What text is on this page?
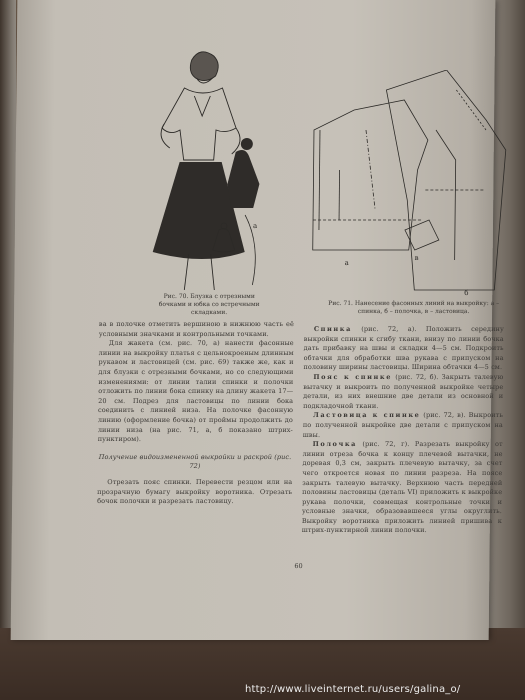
а
Рис. 70. Блузка с отрезными бочками и юбка со встречными складками.
а
б
в
Рис. 71. Нанесение фасонных линий на выкройку: а – спинка, б – полочка, в – ластовица.

ва в полочке отметить вершиною в нижнюю часть её условными значками и контрольными точками.

Для жакета (см. рис. 70, а) нанести фасонные линии на выкройку платья с цельнокроеным длинным рукавом и ластовицей (см. рис. 69) также же, как и для блузки с отрезными бочками, но со следующими изменениями: от линии талии спинки и полочки отложить по линии бока спинку на длину жакета 17—20 см. Подрез для ластовицы по линии бока соединить с линией низа. На полочке фасонную линию (оформление бочка) от проймы продолжить до линии низа (на рис. 71, а, б показано штрих-пунктиром).

Получение видоизмененной выкройки и раскрой (рис. 72)

Отрезать пояс спинки. Перевести резцом или на прозрачную бумагу выкройку воротника. Отрезать бочок полочки и разрезать ластовицу.

Спинка (рис. 72, а). Положить середину выкройки спинки к сгибу ткани, внизу по линии бочка дать прибавку на швы и складки 4—5 см. Подкроить обтачки для обработки шва рукава с припуском на половину ширины ластовицы. Ширина обтачки 4—5 см.

Пояс к спинке (рис. 72, б). Закрыть талевую вытачку и выкроить по полученной выкройке четыре детали, из них внешние две детали из основной и подкладочной ткани.

Ластовица к спинке (рис. 72, в). Выкроить по полученной выкройке две детали с припуском на швы.

Полочка (рис. 72, г). Разрезать выкройку от линии отреза бочка к концу плечевой вытачки, не доревая 0,3 см, закрыть плечевую вытачку, за счет чего откроется новая по линии разреза. На поясе закрыть талевую вытачку. Верхнюю часть передней половины ластовицы (деталь VI) приложить к выкройке рукава полочки, совмещая контрольные точки и условные значки, образовавшееся углы округлить. Выкройку воротника приложить линией пришива к штрих-пунктирной линии полочки.

60
http://www.liveinternet.ru/users/galina_o/
